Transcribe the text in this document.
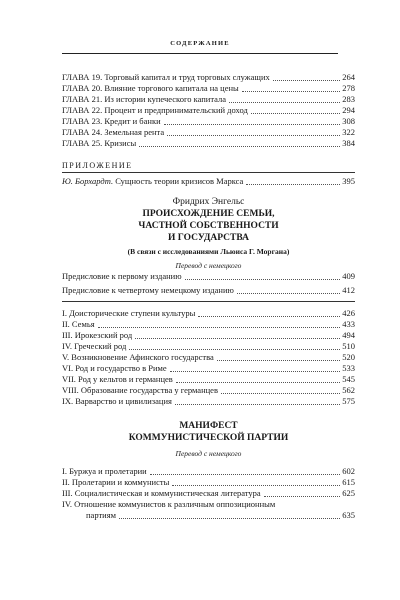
СОДЕРЖАНИЕ
ГЛАВА 19. Торговый капитал и труд торговых служащих	264
ГЛАВА 20. Влияние торгового капитала на цены	278
ГЛАВА 21. Из истории купеческого капитала	283
ГЛАВА 22. Процент и предпринимательский доход	294
ГЛАВА 23. Кредит и банки	308
ГЛАВА 24. Земельная рента	322
ГЛАВА 25. Кризисы	384
ПРИЛОЖЕНИЕ
Ю. Борхардт. Сущность теории кризисов Маркса	395
Фридрих Энгельс
ПРОИСХОЖДЕНИЕ СЕМЬИ,
ЧАСТНОЙ СОБСТВЕННОСТИ
И ГОСУДАРСТВА
(В связи с исследованиями Льюиса Г. Моргана)
Перевод с немецкого
Предисловие к первому изданию	409
Предисловие к четвертому немецкому изданию	412
I. Доисторические ступени культуры	426
II. Семья	433
III. Ирокезский род	494
IV. Греческий род	510
V. Возникновение Афинского государства	520
VI. Род и государство в Риме	533
VII. Род у кельтов и германцев	545
VIII. Образование государства у германцев	562
IX. Варварство и цивилизация	575
МАНИФЕСТ
КОММУНИСТИЧЕСКОЙ ПАРТИИ
Перевод с немецкого
I. Буржуа и пролетарии	602
II. Пролетарии и коммунисты	615
III. Социалистическая и коммунистическая литература	625
IV. Отношение коммунистов к различным оппозиционным
партиям	635
